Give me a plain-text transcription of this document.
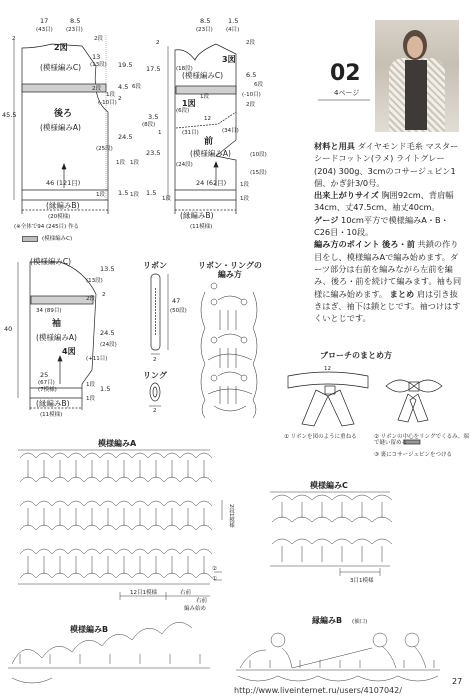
02
4ページ
材料と用具 ダイヤモンド毛糸 マスターシードコットン(ラメ) ライトグレー(204) 300g、3cmのコサージュピン1個、かぎ針3/0号。
出来上がりサイズ 胸囲92cm、背肩幅34cm、丈47.5cm、袖丈40cm。
ゲージ 10cm平方で模様編みA・B・C26目・10段。
編み方のポイント 後ろ・前 共鎖の作り目をし、模様編みAで編み始めます。ダーツ部分は右前を編みながら左前を編み、後ろ・前を続けて編みます。袖も同様に編み始めます。 まとめ 肩は引き抜きはぎ、袖下は鎖とじです。袖つけはすくいとじです。
17
(43目)
8.5
(23目)
2	2段
2図
13
(13段)
(模様編みC)	19.5
4.5 6段
2
2段
1段
(-10目)
後ろ
(模様編みA)
45.5
24.5
(25段)
1段 1段
46 (121目)
1.5
1段	1段
(縁編みB)
(20模様)
(※全体で94 (245目) 作る
(模様編みC)
8.5
(23目)
1.5
(4目)
2	2段
3図
17.5	(18段)
(模様編みC)	6.5
6段
1図
1段	(-10目)
2段
(6段)
3.5
(8段)
1
12
(34目)
(31目)
前
(模様編みA)
23.5
(24段)
(10段)
(15段)
1段
24 (62目)
1.5
1段	1段
(縁編みB)
(11模様)
(模様編みC)
13.5
(13段)
2
2段
34 (89目)
袖
(模様編みA)
40	24.5
(24段)
4図
(+11目)
25
(67目)
(7模様)	1.5
1段
1段
(縁編みB)
(11模様)
リボン
47
(50段)
2
リング
2
リボン・リングの
編み方
ブローチのまとめ方
12
① リボンを図のように重ねる	② リボンの中心をリングでくるみ、端で縫い留める
③ 裏にコサージュピンをつける
模様編みA
2段1模様
②
①
12目1模様	右前
右前
編み始め
模様編みC
3目1模様
模様編みB
縁編みB (袖口)
http://www.liveinternet.ru/users/4107042/
27
